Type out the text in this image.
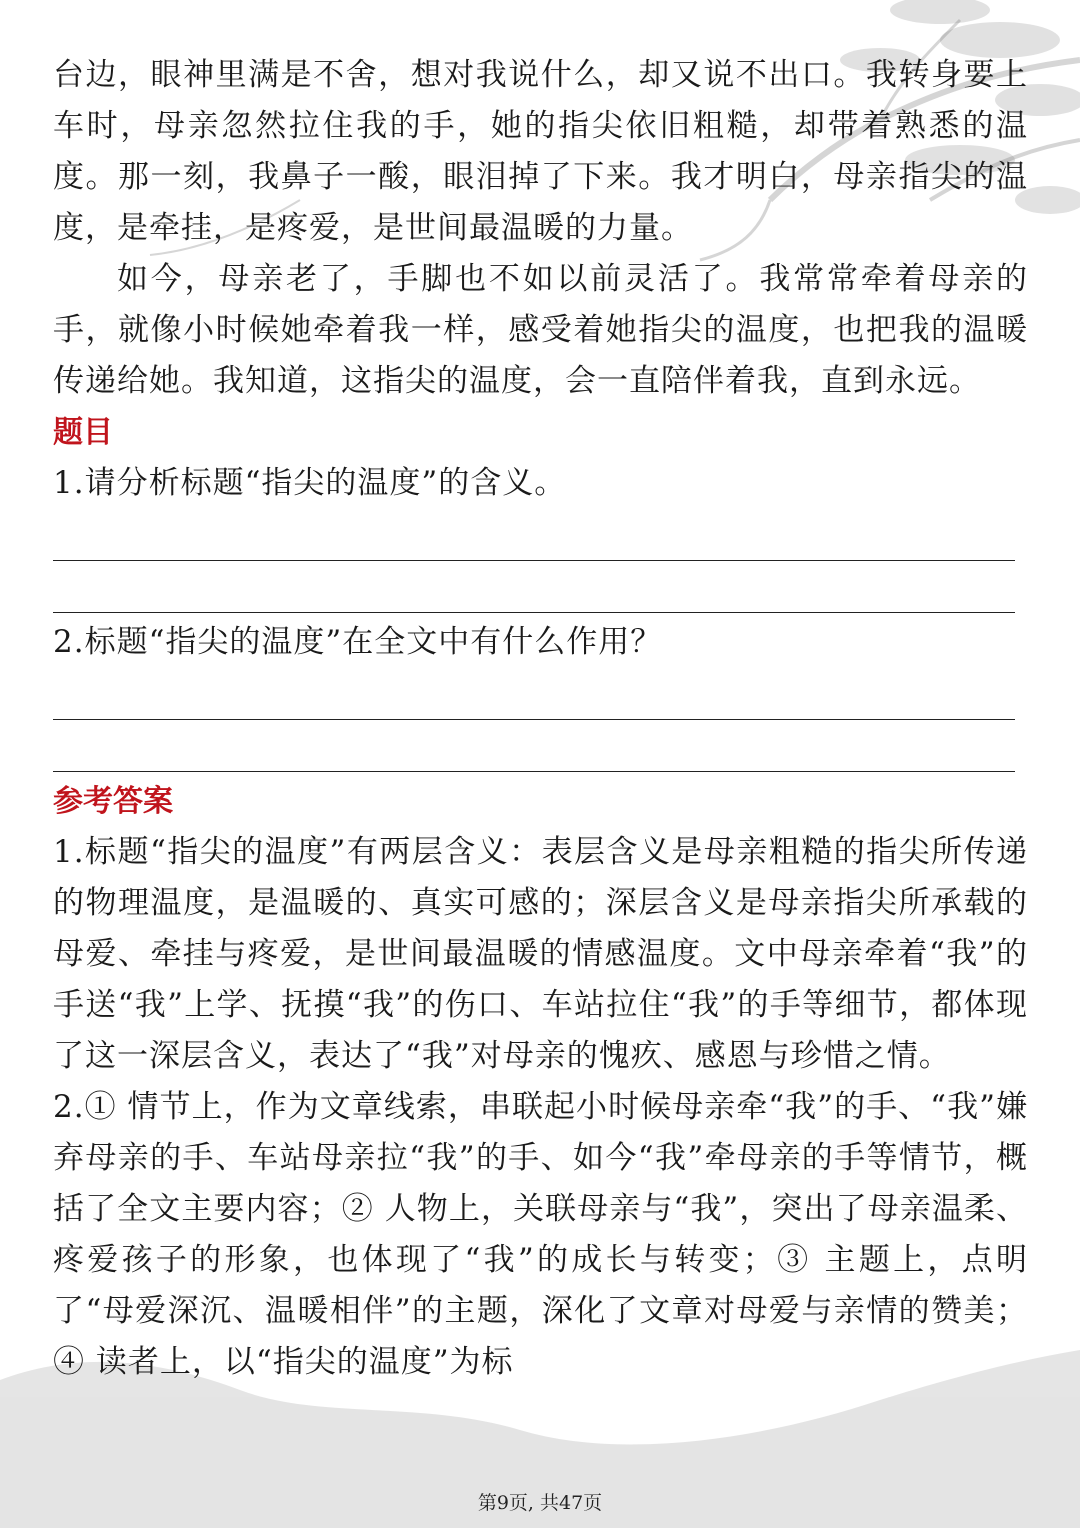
台边，眼神里满是不舍，想对我说什么，却又说不出口。我转身要上车时，母亲忽然拉住我的手，她的指尖依旧粗糙，却带着熟悉的温度。那一刻，我鼻子一酸，眼泪掉了下来。我才明白，母亲指尖的温度，是牵挂，是疼爱，是世间最温暖的力量。

如今，母亲老了，手脚也不如以前灵活了。我常常牵着母亲的手，就像小时候她牵着我一样，感受着她指尖的温度，也把我的温暖传递给她。我知道，这指尖的温度，会一直陪伴着我，直到永远。

题目

1.请分析标题“指尖的温度”的含义。

2.标题“指尖的温度”在全文中有什么作用？

参考答案

1.标题“指尖的温度”有两层含义：表层含义是母亲粗糙的指尖所传递的物理温度，是温暖的、真实可感的；深层含义是母亲指尖所承载的母爱、牵挂与疼爱，是世间最温暖的情感温度。文中母亲牵着“我”的手送“我”上学、抚摸“我”的伤口、车站拉住“我”的手等细节，都体现了这一深层含义，表达了“我”对母亲的愧疚、感恩与珍惜之情。

2.① 情节上，作为文章线索，串联起小时候母亲牵“我”的手、“我”嫌弃母亲的手、车站母亲拉“我”的手、如今“我”牵母亲的手等情节，概括了全文主要内容；② 人物上，关联母亲与“我”，突出了母亲温柔、疼爱孩子的形象，也体现了“我”的成长与转变；③ 主题上，点明了“母爱深沉、温暖相伴”的主题，深化了文章对母爱与亲情的赞美；④ 读者上，以“指尖的温度”为标

第9页, 共47页
